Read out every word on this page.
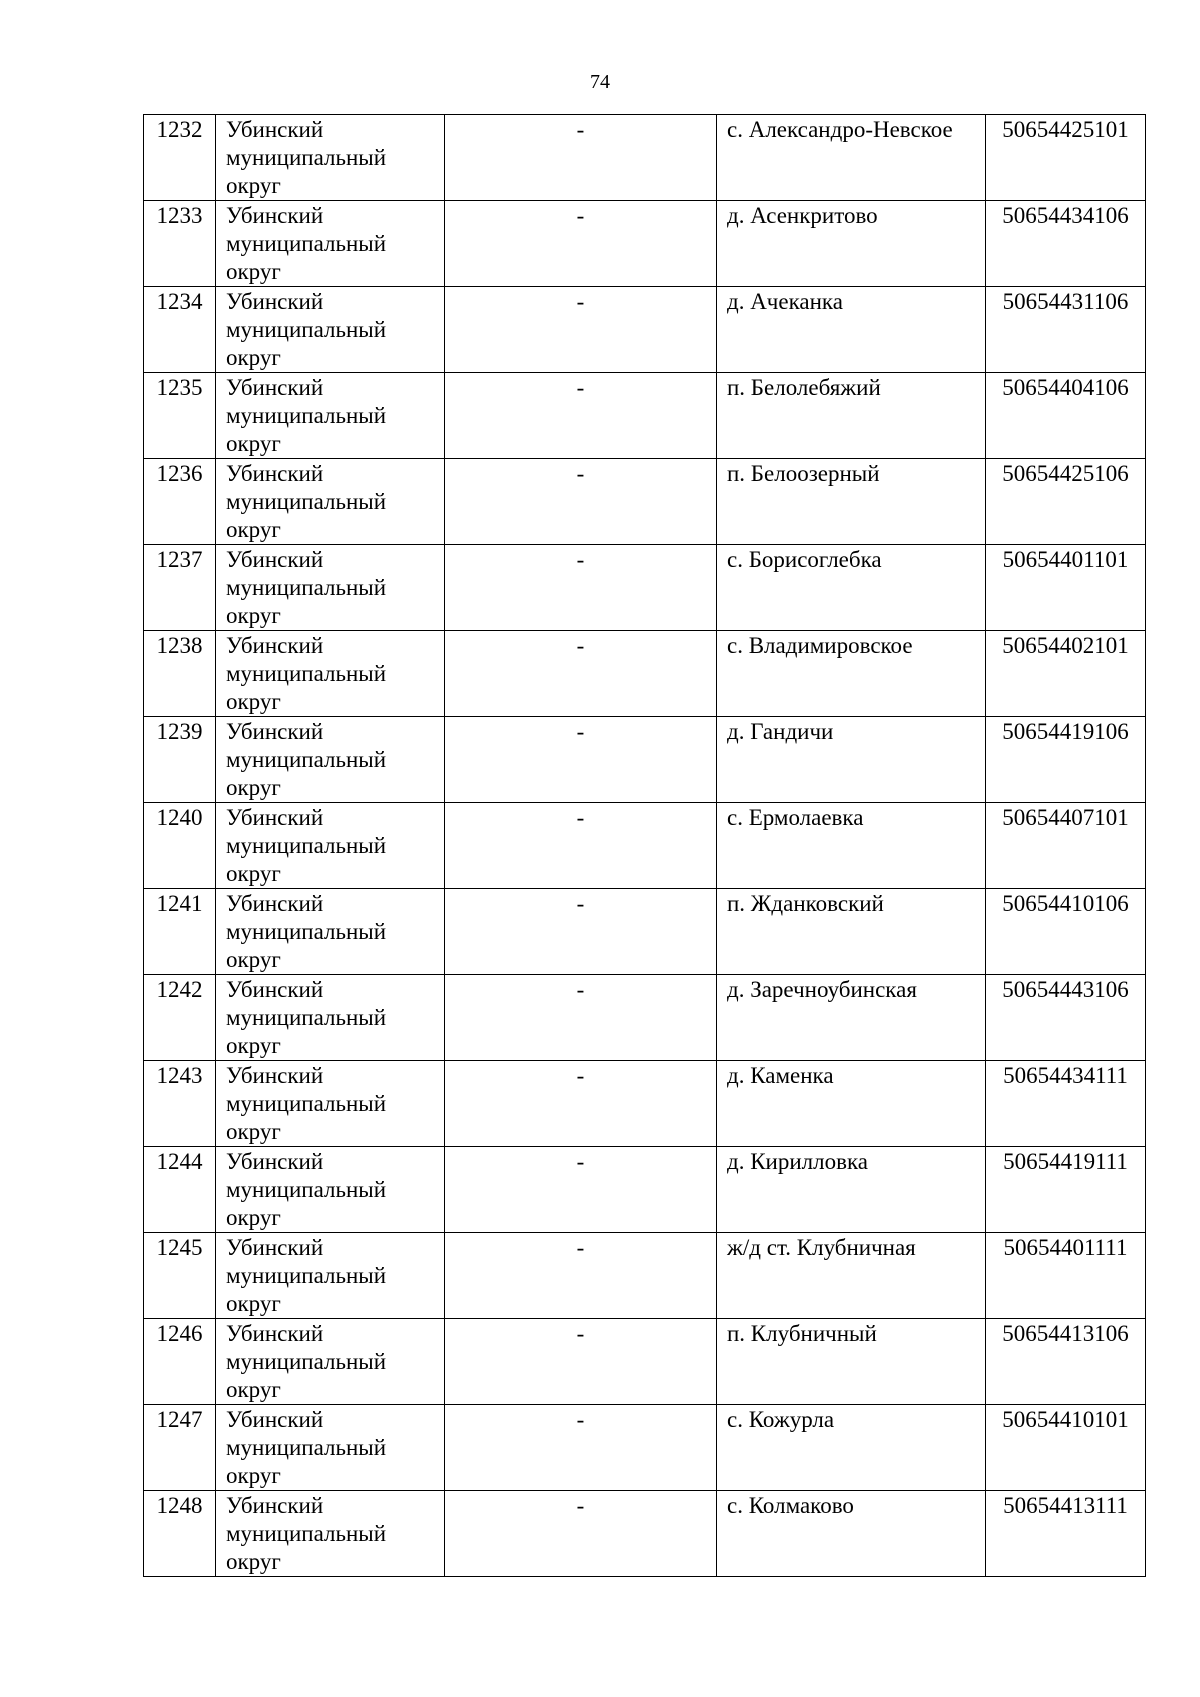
74
1232	Убинский муниципальный округ	-	с. Александро-Невское	50654425101
1233	Убинский муниципальный округ	-	д. Асенкритово	50654434106
1234	Убинский муниципальный округ	-	д. Ачеканка	50654431106
1235	Убинский муниципальный округ	-	п. Белолебяжий	50654404106
1236	Убинский муниципальный округ	-	п. Белоозерный	50654425106
1237	Убинский муниципальный округ	-	с. Борисоглебка	50654401101
1238	Убинский муниципальный округ	-	с. Владимировское	50654402101
1239	Убинский муниципальный округ	-	д. Гандичи	50654419106
1240	Убинский муниципальный округ	-	с. Ермолаевка	50654407101
1241	Убинский муниципальный округ	-	п. Жданковский	50654410106
1242	Убинский муниципальный округ	-	д. Заречноубинская	50654443106
1243	Убинский муниципальный округ	-	д. Каменка	50654434111
1244	Убинский муниципальный округ	-	д. Кирилловка	50654419111
1245	Убинский муниципальный округ	-	ж/д ст. Клубничная	50654401111
1246	Убинский муниципальный округ	-	п. Клубничный	50654413106
1247	Убинский муниципальный округ	-	с. Кожурла	50654410101
1248	Убинский муниципальный округ	-	с. Колмаково	50654413111
